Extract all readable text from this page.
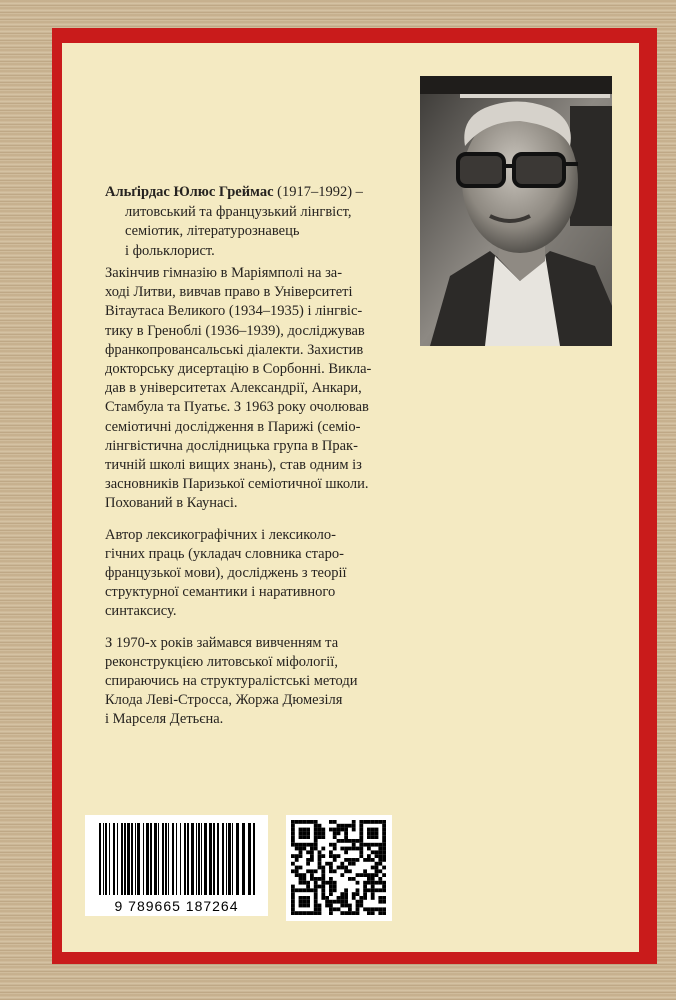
Альґірдас Юлюс Греймас (1917–1992) –
литовський та французький лінгвіст,
семіотик, літературознавець
і фольклорист.

Закінчив гімназію в Маріямполі на за-
ході Литви, вивчав право в Університеті
Вітаутаса Великого (1934–1935) і лінгвіс-
тику в Греноблі (1936–1939), досліджував
франкопровансальські діалекти. Захистив
докторську дисертацію в Сорбонні. Викла-
дав в університетах Александрії, Анкари,
Стамбула та Пуатьє. З 1963 року очолював
семіотичні дослідження в Парижі (семіо-
лінгвістична дослідницька група в Прак-
тичній школі вищих знань), став одним із
засновників Паризької семіотичної школи.
Похований в Каунасі.

Автор лексикографічних і лексиколо-
гічних праць (укладач словника старо-
французької мови), досліджень з теорії
структурної семантики і наративного
синтаксису.

З 1970-х років займався вивченням та
реконструкцією литовської міфології,
спираючись на структуралістські методи
Клода Леві-Стросса, Жоржа Дюмезіля
і Марселя Детьєна.

9 789665 187264
